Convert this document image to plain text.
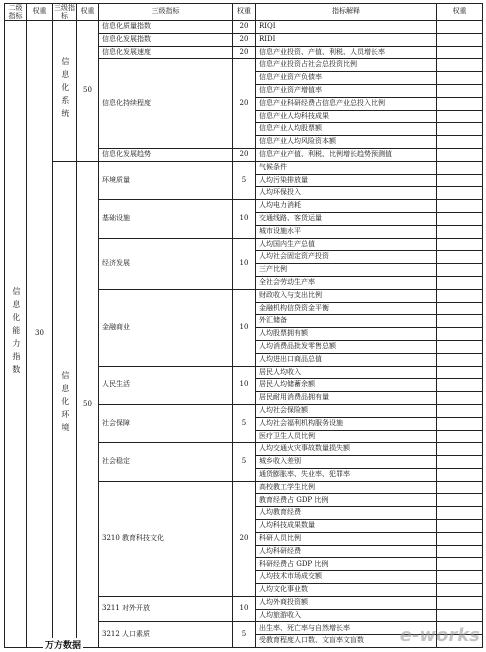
二级指标	权重	三级指标	权重	三级指标	权重	指标解释	权重
信息化能力指数	30	信息化系统	50	信息化质量指数	20	RIQI	
				信息化发展指数	20	RIDI	
				信息化发展速度	20	信息产业投资、产值、利税、人员增长率	
				信息化持续程度	20	信息产业投资占社会总投资比例	
						信息产业资产负债率	
						信息产业资产增值率	
						信息产业科研经费占信息产业总投入比例	
						信息产业人均科技成果	
						信息产业人均股票额	
						信息产业人均风险资本额	
				信息化发展趋势	20	信息产业产值、利税、比例增长趋势预测值	
		信息化环境	50	环境质量	5	气候条件	
						人均污染排放量	
						人均环保投入	
				基础设施	10	人均电力消耗	
						交通线路、客货运量	
						城市设施水平	
				经济发展	10	人均国内生产总值	
						人均社会固定资产投资	
						三产比例	
						全社会劳动生产率	
				金融商业	10	财政收入与支出比例	
						金融机构信贷资金平衡	
						外汇储备	
						人均股票拥有额	
						人均消费品批发零售总额	
						人均进出口商品总值	
				人民生活	10	居民人均收入	
						居民人均储蓄余额	
						居民耐用消费品拥有量	
				社会保障	5	人均社会保险额	
						人均社会福利机构服务设施	
						医疗卫生人员比例	
				社会稳定	5	人均交通火灾事故数量损失额	
						城乡收入差别	
						通货膨胀率、失业率、犯罪率	
				3210 教育科技文化	20	高校教工学生比例	
						教育经费占 GDP 比例	
						人均教育经费	
						人均科技成果数量	
						科研人员比例	
						人均科研经费	
						科研经费占 GDP 比例	
						人均技术市场成交额	
						人均文化事业数	
				3211 对外开放	10	人均外商投资额	
						人均旅游收入	
				3212 人口素质	5	出生率、死亡率与自然增长率	
						受教育程度人口数、文盲率文盲数	
万方数据	e-works
